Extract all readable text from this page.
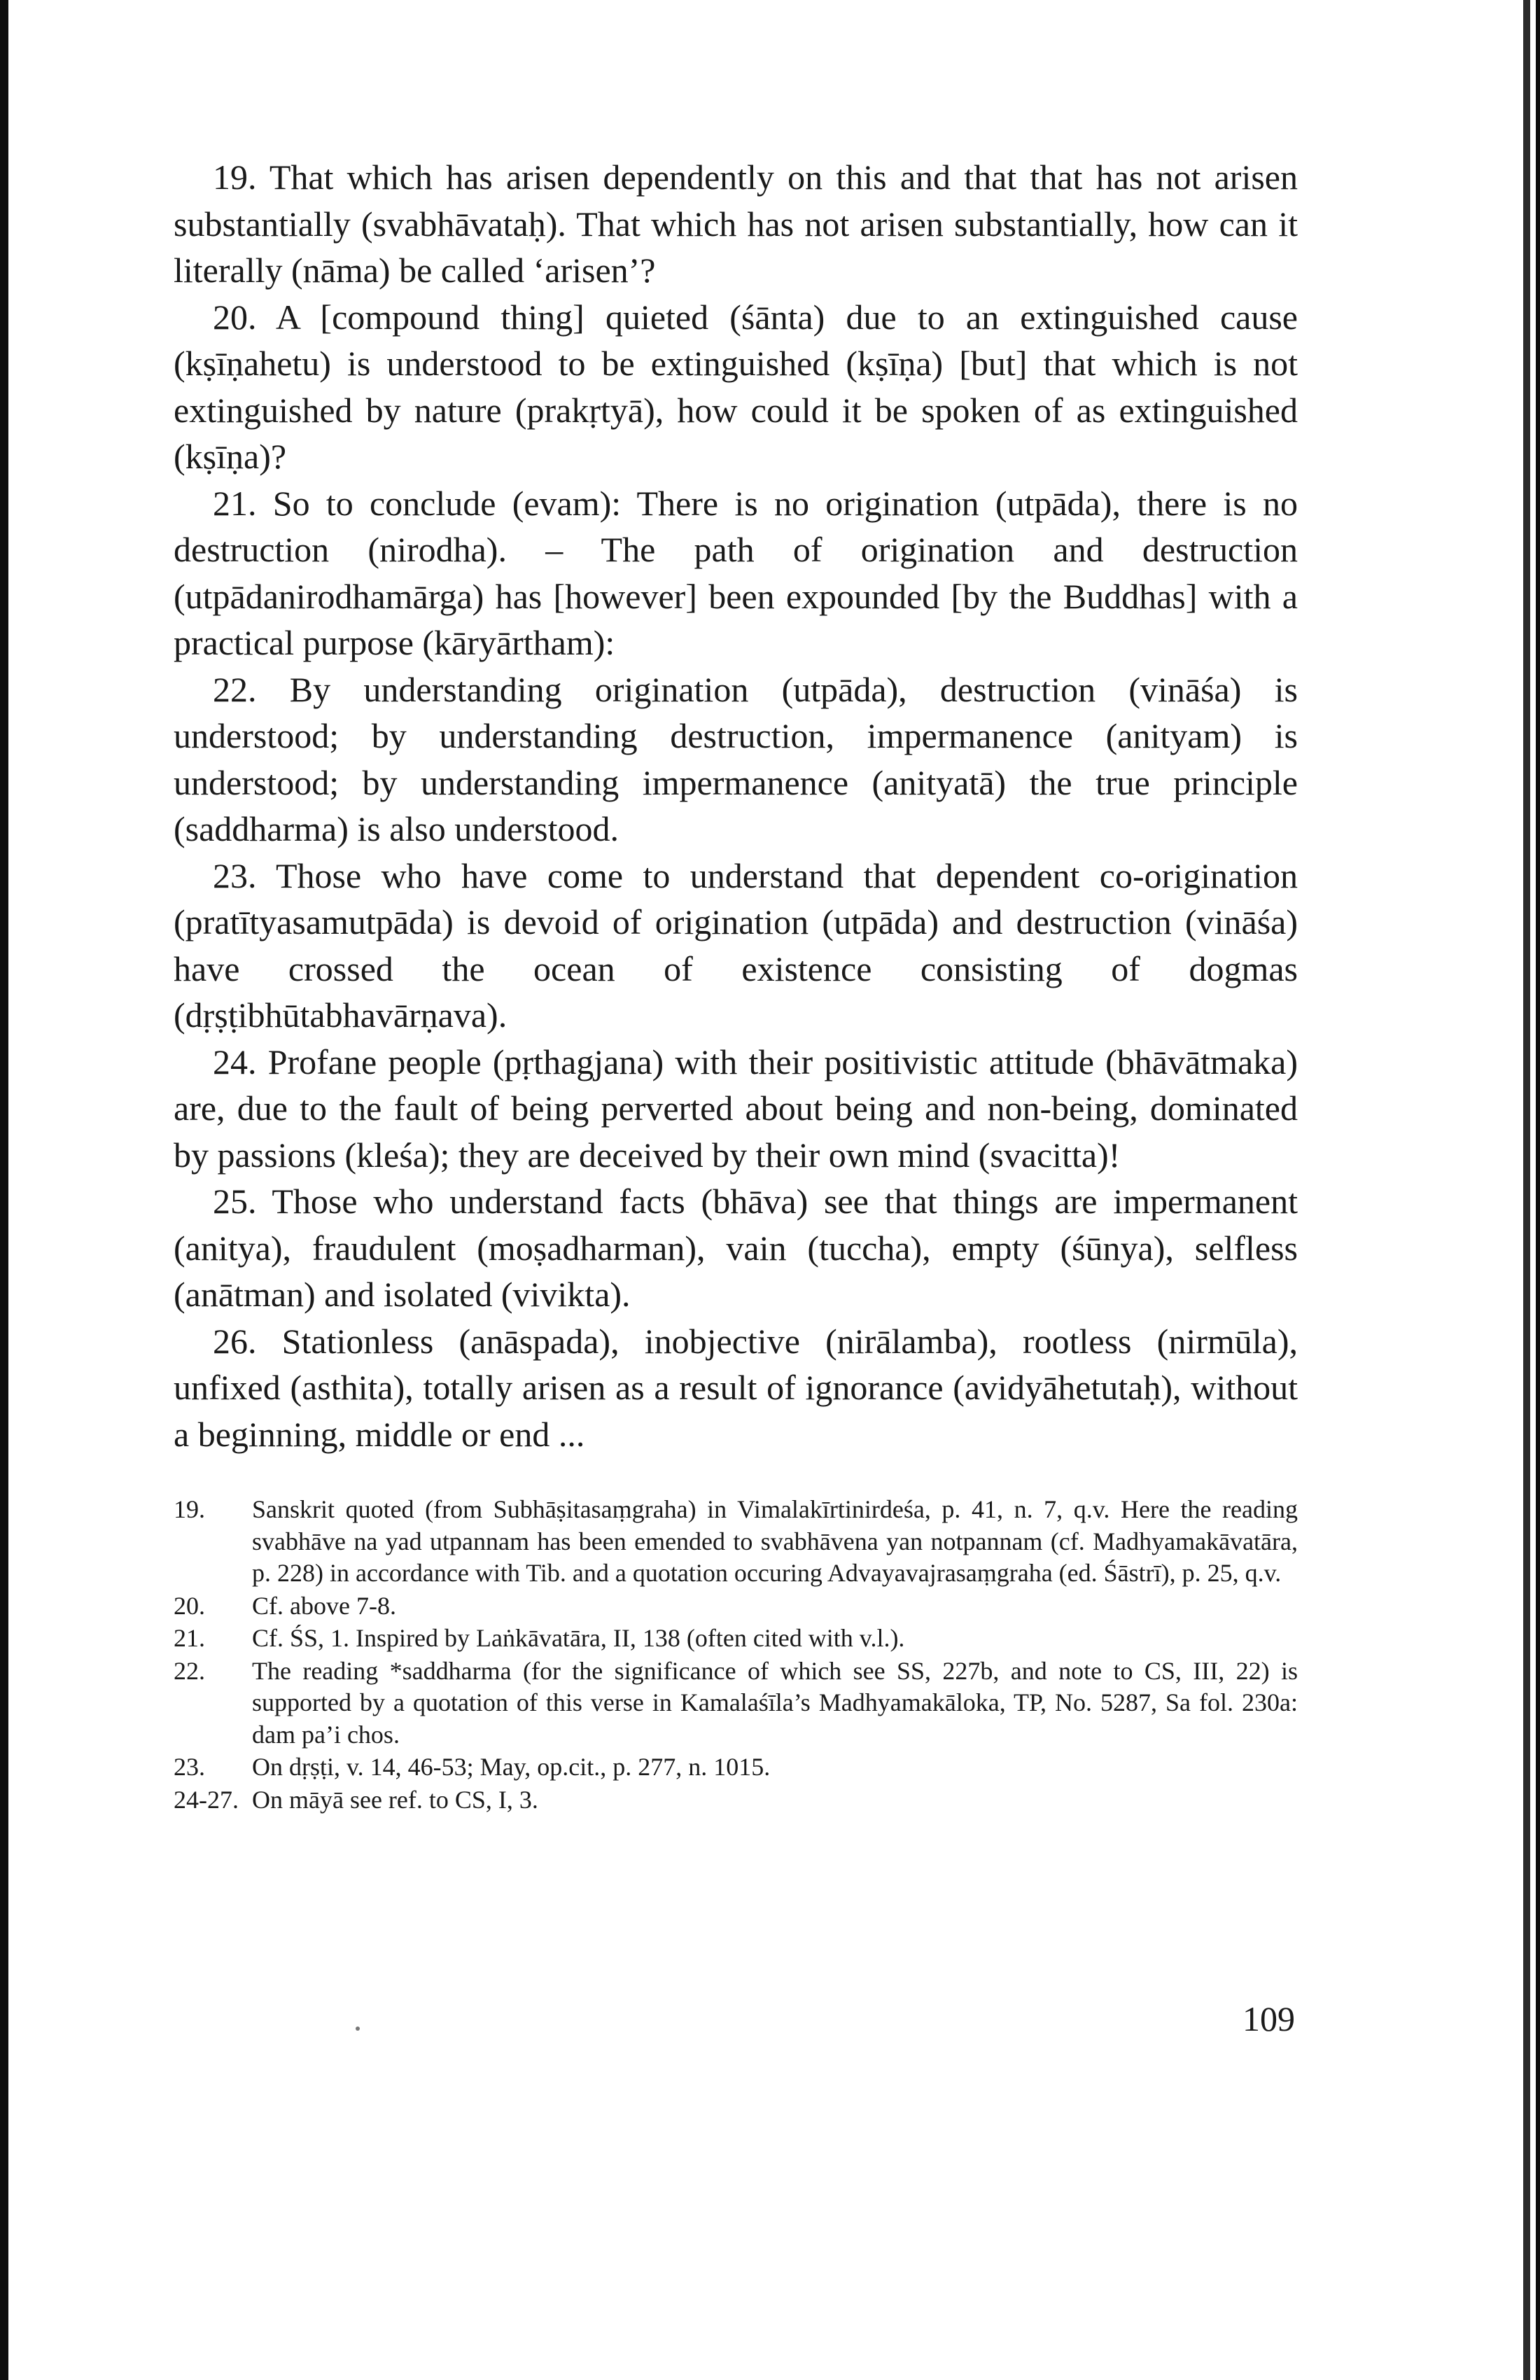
19. That which has arisen dependently on this and that that has not arisen substantially (svabhāvataḥ). That which has not arisen substantially, how can it literally (nāma) be called ‘arisen’?

20. A [compound thing] quieted (śānta) due to an extinguished cause (kṣīṇahetu) is understood to be extinguished (kṣīṇa) [but] that which is not extinguished by nature (prakṛtyā), how could it be spoken of as extinguished (kṣīṇa)?

21. So to conclude (evam): There is no origination (utpāda), there is no destruction (nirodha). – The path of origination and destruction (utpādanirodhamārga) has [however] been expounded [by the Buddhas] with a practical purpose (kāryārtham):

22. By understanding origination (utpāda), destruction (vināśa) is understood; by understanding destruction, impermanence (anityam) is understood; by understanding impermanence (anityatā) the true principle (saddharma) is also understood.

23. Those who have come to understand that dependent co-origination (pratītyasamutpāda) is devoid of origination (utpāda) and destruction (vināśa) have crossed the ocean of existence consisting of dogmas (dṛṣṭibhūtabhavārṇava).

24. Profane people (pṛthagjana) with their positivistic attitude (bhāvātmaka) are, due to the fault of being perverted about being and non-being, dominated by passions (kleśa); they are deceived by their own mind (svacitta)!

25. Those who understand facts (bhāva) see that things are impermanent (anitya), fraudulent (moṣadharman), vain (tuccha), empty (śūnya), selfless (anātman) and isolated (vivikta).

26. Stationless (anāspada), inobjective (nirālamba), rootless (nirmūla), unfixed (asthita), totally arisen as a result of ignorance (avidyāhetutaḥ), without a beginning, middle or end ...

19.	Sanskrit quoted (from Subhāṣitasaṃgraha) in Vimalakīrtinirdeśa, p. 41, n. 7, q.v. Here the reading svabhāve na yad utpannam has been emended to svabhāvena yan notpannam (cf. Madhyamakāvatāra, p. 228) in accordance with Tib. and a quotation occuring Advayavajrasaṃgraha (ed. Śāstrī), p. 25, q.v.
20.	Cf. above 7-8.
21.	Cf. ŚS, 1. Inspired by Laṅkāvatāra, II, 138 (often cited with v.l.).
22.	The reading *saddharma (for the significance of which see SS, 227b, and note to CS, III, 22) is supported by a quotation of this verse in Kamalaśīla’s Madhyamakāloka, TP, No. 5287, Sa fol. 230a: dam pa’i chos.
23.	On dṛṣṭi, v. 14, 46-53; May, op.cit., p. 277, n. 1015.
24-27. On māyā see ref. to CS, I, 3.
109
